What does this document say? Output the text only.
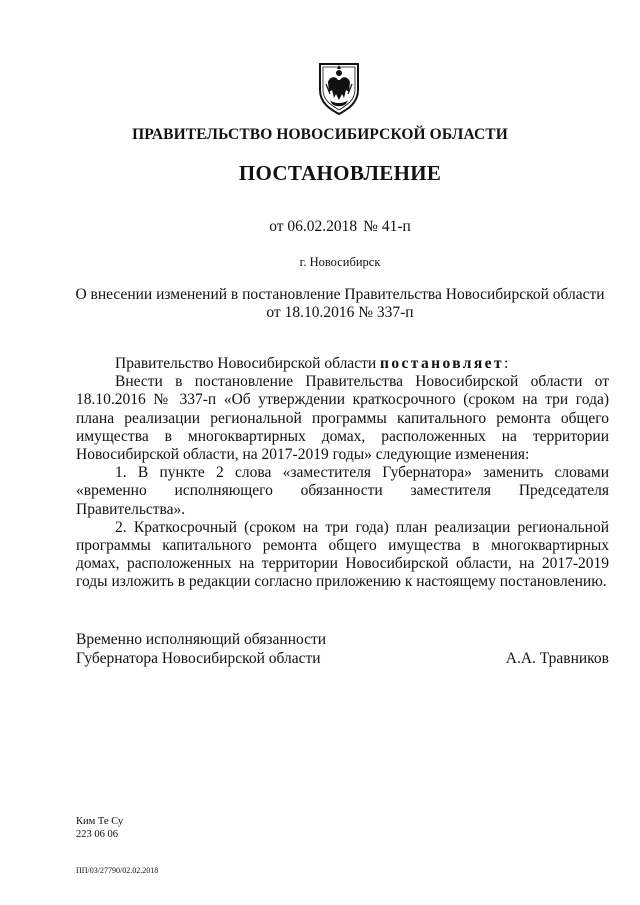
ПРАВИТЕЛЬСТВО НОВОСИБИРСКОЙ ОБЛАСТИ
ПОСТАНОВЛЕНИЕ
от 06.02.2018 № 41-п
г. Новосибирск
О внесении изменений в постановление Правительства Новосибирской области
от 18.10.2016 № 337-п

Правительство Новосибирской области постановляет:

Внести в постановление Правительства Новосибирской области от 18.10.2016 № 337-п «Об утверждении краткосрочного (сроком на три года) плана реализации региональной программы капитального ремонта общего имущества в многоквартирных домах, расположенных на территории Новосибирской области, на 2017-2019 годы» следующие изменения:

1. В пункте 2 слова «заместителя Губернатора» заменить словами «временно исполняющего обязанности заместителя Председателя Правительства».

2. Краткосрочный (сроком на три года) план реализации региональной программы капитального ремонта общего имущества в многоквартирных домах, расположенных на территории Новосибирской области, на 2017-2019 годы изложить в редакции согласно приложению к настоящему постановлению.

Временно исполняющий обязанности
Губернатора Новосибирской области	А.А. Травников
Ким Те Су
223 06 06
ПП/03/27790/02.02.2018
